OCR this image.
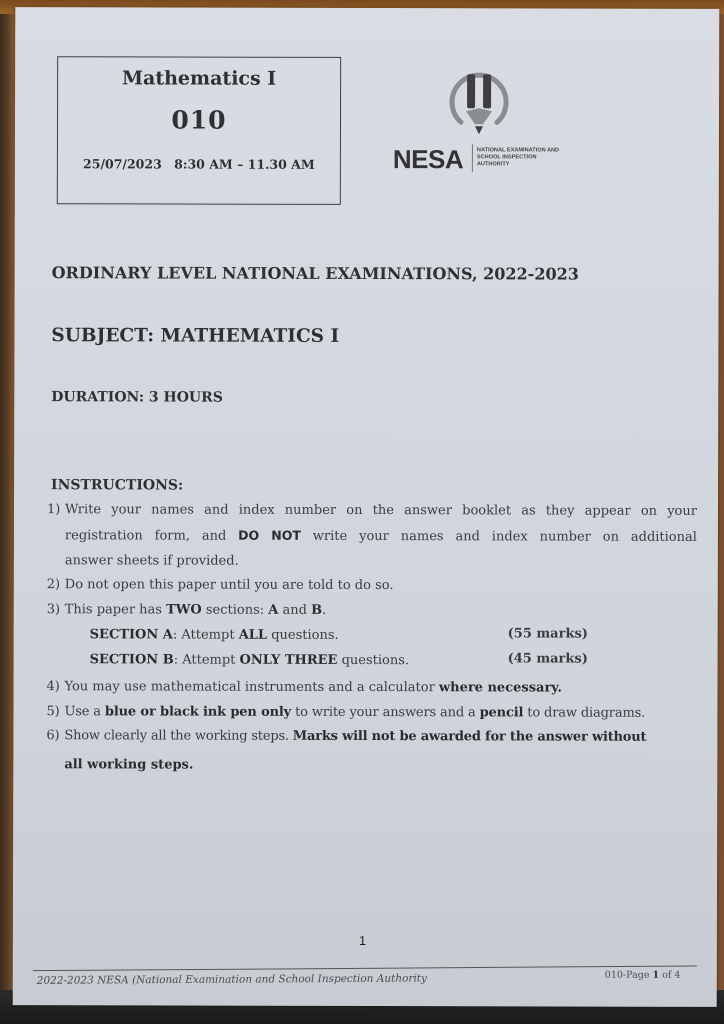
Mathematics I
010
25/07/2023 8:30 AM – 11.30 AM	NESA NATIONAL EXAMINATION AND
SCHOOL INSPECTION
AUTHORITY
ORDINARY LEVEL NATIONAL EXAMINATIONS, 2022-2023
SUBJECT: MATHEMATICS I
DURATION: 3 HOURS
INSTRUCTIONS:
1) Write your names and index number on the answer booklet as they appear on your
registration form, and DO NOT write your names and index number on additional
answer sheets if provided.
2) Do not open this paper until you are told to do so.
3) This paper has TWO sections: A and B.
SECTION A: Attempt ALL questions.	(55 marks)
SECTION B: Attempt ONLY THREE questions.	(45 marks)
4) You may use mathematical instruments and a calculator where necessary.
5) Use a blue or black ink pen only to write your answers and a pencil to draw diagrams.
6) Show clearly all the working steps. Marks will not be awarded for the answer without
all working steps.
1
2022-2023 NESA (National Examination and School Inspection Authority	010-Page 1 of 4
